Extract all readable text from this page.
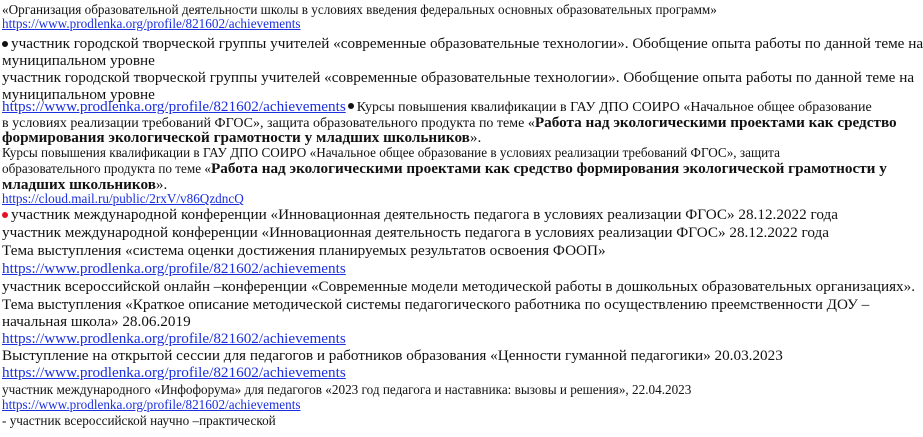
«Организация образовательной деятельности школы в условиях введения федеральных основных образовательных программ»
https://www.prodlenka.org/profile/821602/achievements
участник городской творческой группы учителей «современные образовательные технологии». Обобщение опыта работы по данной теме на
муниципальном уровне
участник городской творческой группы учителей «современные образовательные технологии». Обобщение опыта работы по данной теме на
муниципальном уровне
https://www.prodlenka.org/profile/821602/achievements Курсы повышения квалификации в ГАУ ДПО СОИРО «Начальное общее образование
в условиях реализации требований ФГОС», защита образовательного продукта по теме «Работа над экологическими проектами как средство
формирования экологической грамотности у младших школьников».
Курсы повышения квалификации в ГАУ ДПО СОИРО «Начальное общее образование в условиях реализации требований ФГОС», защита
образовательного продукта по теме «Работа над экологическими проектами как средство формирования экологической грамотности у
младших школьников».
https://cloud.mail.ru/public/2rxV/v86QzdncQ
участник международной конференции «Инновационная деятельность педагога в условиях реализации ФГОС» 28.12.2022 года
участник международной конференции «Инновационная деятельность педагога в условиях реализации ФГОС» 28.12.2022 года
Тема выступления «система оценки достижения планируемых результатов освоения ФООП»
https://www.prodlenka.org/profile/821602/achievements
участник всероссийской онлайн –конференции «Современные модели методической работы в дошкольных образовательных организациях».
Тема выступления «Краткое описание методической системы педагогического работника по осуществлению преемственности ДОУ –
начальная школа» 28.06.2019
https://www.prodlenka.org/profile/821602/achievements
Выступление на открытой сессии для педагогов и работников образования «Ценности гуманной педагогики» 20.03.2023
https://www.prodlenka.org/profile/821602/achievements
участник международного «Инфофорума» для педагогов «2023 год педагога и наставника: вызовы и решения», 22.04.2023
https://www.prodlenka.org/profile/821602/achievements
- участник всероссийской научно –практической
